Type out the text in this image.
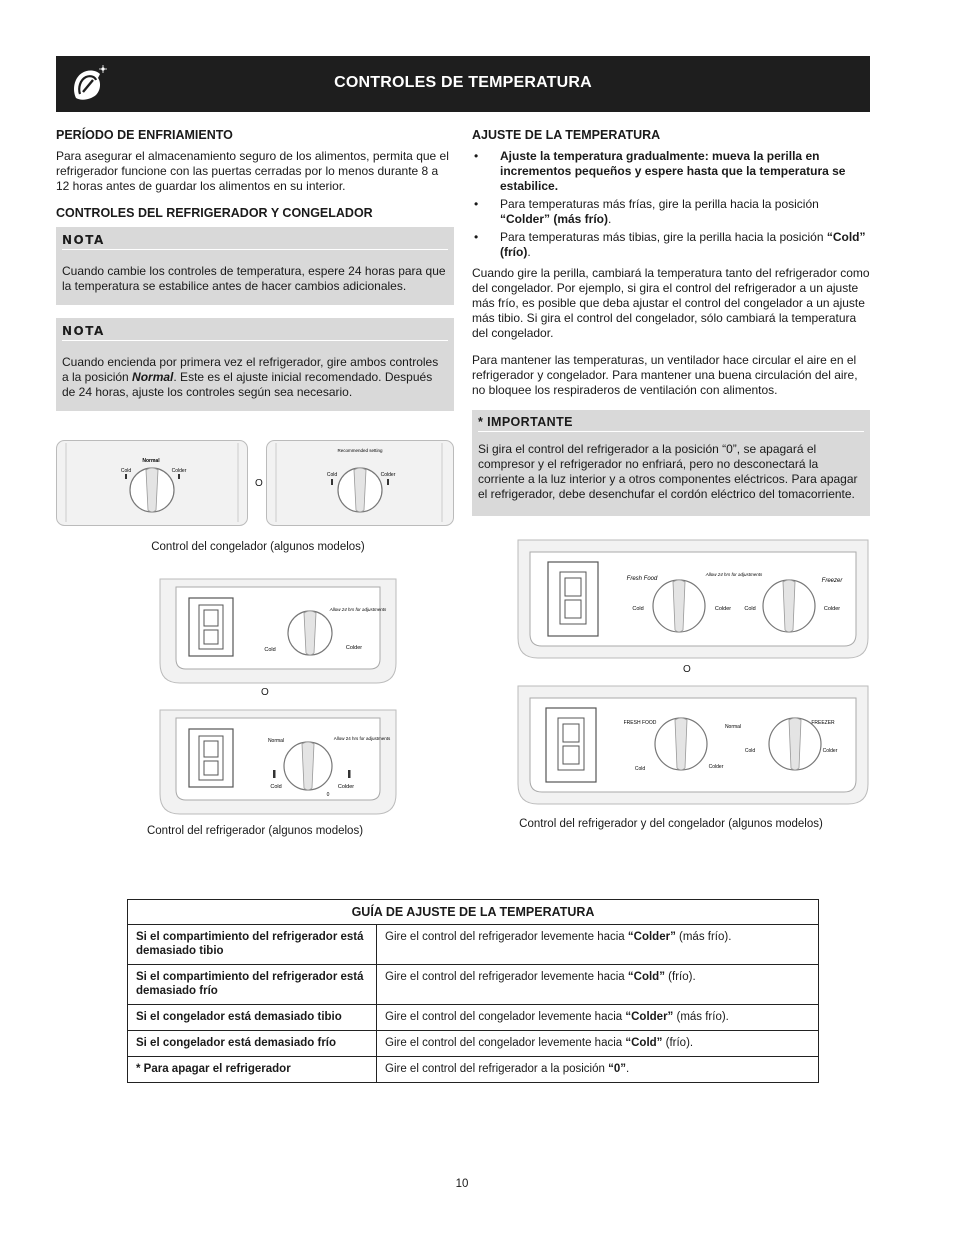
CONTROLES DE TEMPERATURA
PERÍODO DE ENFRIAMIENTO

Para asegurar el almacenamiento seguro de los alimentos, permita que el refrigerador funcione con las puertas cerradas por lo menos durante 8 a 12 horas antes de guardar los alimentos en su interior.

CONTROLES DEL REFRIGERADOR Y CONGELADOR
NOTA

Cuando cambie los controles de temperatura, espere 24 horas para que la temperatura se estabilice antes de hacer cambios adicionales.

NOTA

Cuando encienda por primera vez el refrigerador, gire ambos controles a la posición Normal. Este es el ajuste inicial recomendado. Después de 24 horas, ajuste los controles según sea necesario.

AJUSTE DE LA TEMPERATURA
• Ajuste la temperatura gradualmente: mueva la perilla en incrementos pequeños y espere hasta que la temperatura se estabilice.
• Para temperaturas más frías, gire la perilla hacia la posición “Colder” (más frío).
• Para temperaturas más tibias, gire la perilla hacia la posición “Cold” (frío).

Cuando gire la perilla, cambiará la temperatura tanto del refrigerador como del congelador. Por ejemplo, si gira el control del refrigerador a un ajuste más frío, es posible que deba ajustar el control del congelador a un ajuste más tibio. Si gira el control del congelador, sólo cambiará la temperatura del congelador.

Para mantener las temperaturas, un ventilador hace circular el aire en el refrigerador y congelador. Para mantener una buena circulación del aire, no bloquee los respiraderos de ventilación con alimentos.

* IMPORTANTE

Si gira el control del refrigerador a la posición “0”, se apagará el compresor y el refrigerador no enfriará, pero no desconectará la corriente a la luz interior y a otros componentes eléctricos. Para apagar el refrigerador, debe desenchufar el cordón eléctrico del tomacorriente.

Normal
Cold	Colder
O
Recommended setting
Cold	Colder
Control del congelador (algunos modelos)
Cold	Colder
Allow 24 hrs for adjustments
O
Normal	Allow 24 hrs for adjustments
Cold	Colder
0
Control del refrigerador (algunos modelos)
Fresh Food
Allow 24 hrs for adjustments
Freezer
Cold	Colder Cold	Colder
O
FRESH FOOD
Normal
FREEZER
Cold	Colder
Cold	Colder
Control del refrigerador y del congelador (algunos modelos)
GUÍA DE AJUSTE DE LA TEMPERATURA	
Si el compartimiento del refrigerador está demasiado tibio	Gire el control del refrigerador levemente hacia “Colder” (más frío).
Si el compartimiento del refrigerador está demasiado frío	Gire el control del refrigerador levemente hacia “Cold” (frío).
Si el congelador está demasiado tibio	Gire el control del congelador levemente hacia “Colder” (más frío).
Si el congelador está demasiado frío	Gire el control del congelador levemente hacia “Cold” (frío).
* Para apagar el refrigerador	Gire el control del refrigerador a la posición “0”.
10
